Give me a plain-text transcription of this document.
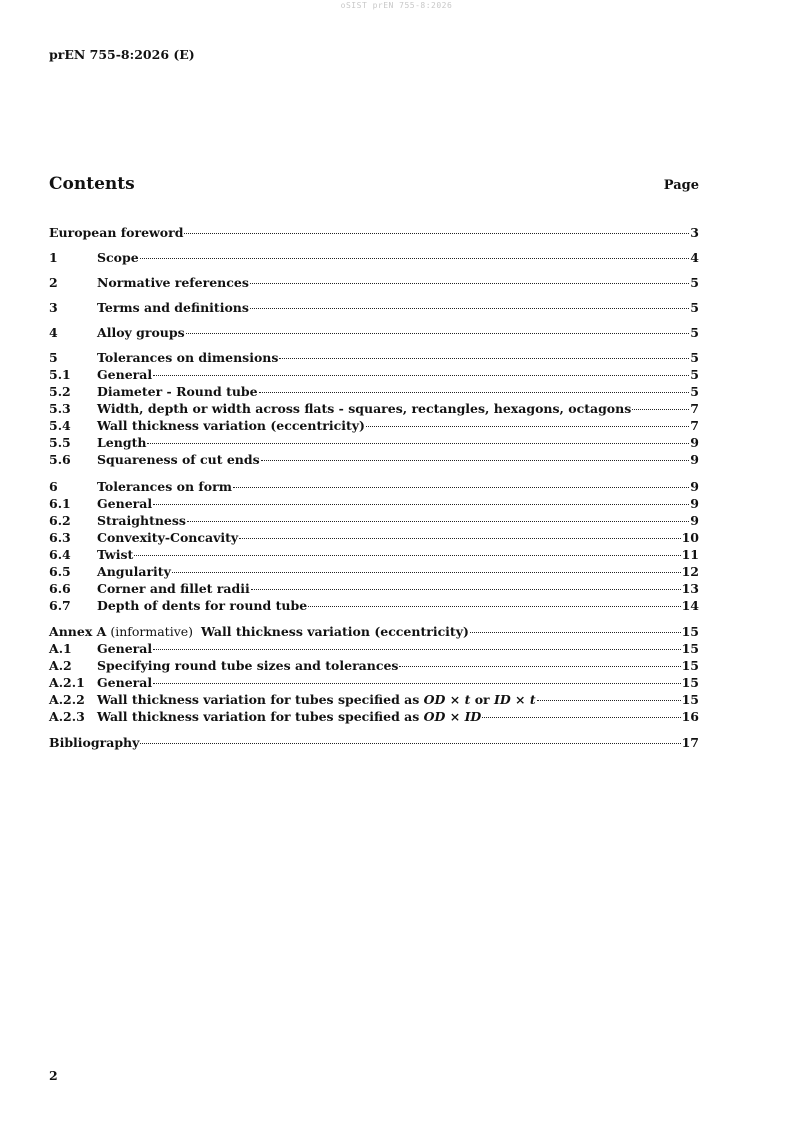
oSIST prEN 755-8:2026
prEN 755-8:2026 (E)
Contents	Page
European foreword	3
1	Scope	4
2	Normative references	5
3	Terms and definitions	5
4	Alloy groups	5
5	Tolerances on dimensions	5
5.1	General	5
5.2	Diameter - Round tube	5
5.3	Width, depth or width across flats - squares, rectangles, hexagons, octagons	7
5.4	Wall thickness variation (eccentricity)	7
5.5	Length	9
5.6	Squareness of cut ends	9
6	Tolerances on form	9
6.1	General	9
6.2	Straightness	9
6.3	Convexity-Concavity	10
6.4	Twist	11
6.5	Angularity	12
6.6	Corner and fillet radii	13
6.7	Depth of dents for round tube	14
Annex A (informative) Wall thickness variation (eccentricity)	15
A.1	General	15
A.2	Specifying round tube sizes and tolerances	15
A.2.1 General	15
A.2.2 Wall thickness variation for tubes specified as OD × t or ID × t	15
A.2.3 Wall thickness variation for tubes specified as OD × ID	16
Bibliography	17
2
